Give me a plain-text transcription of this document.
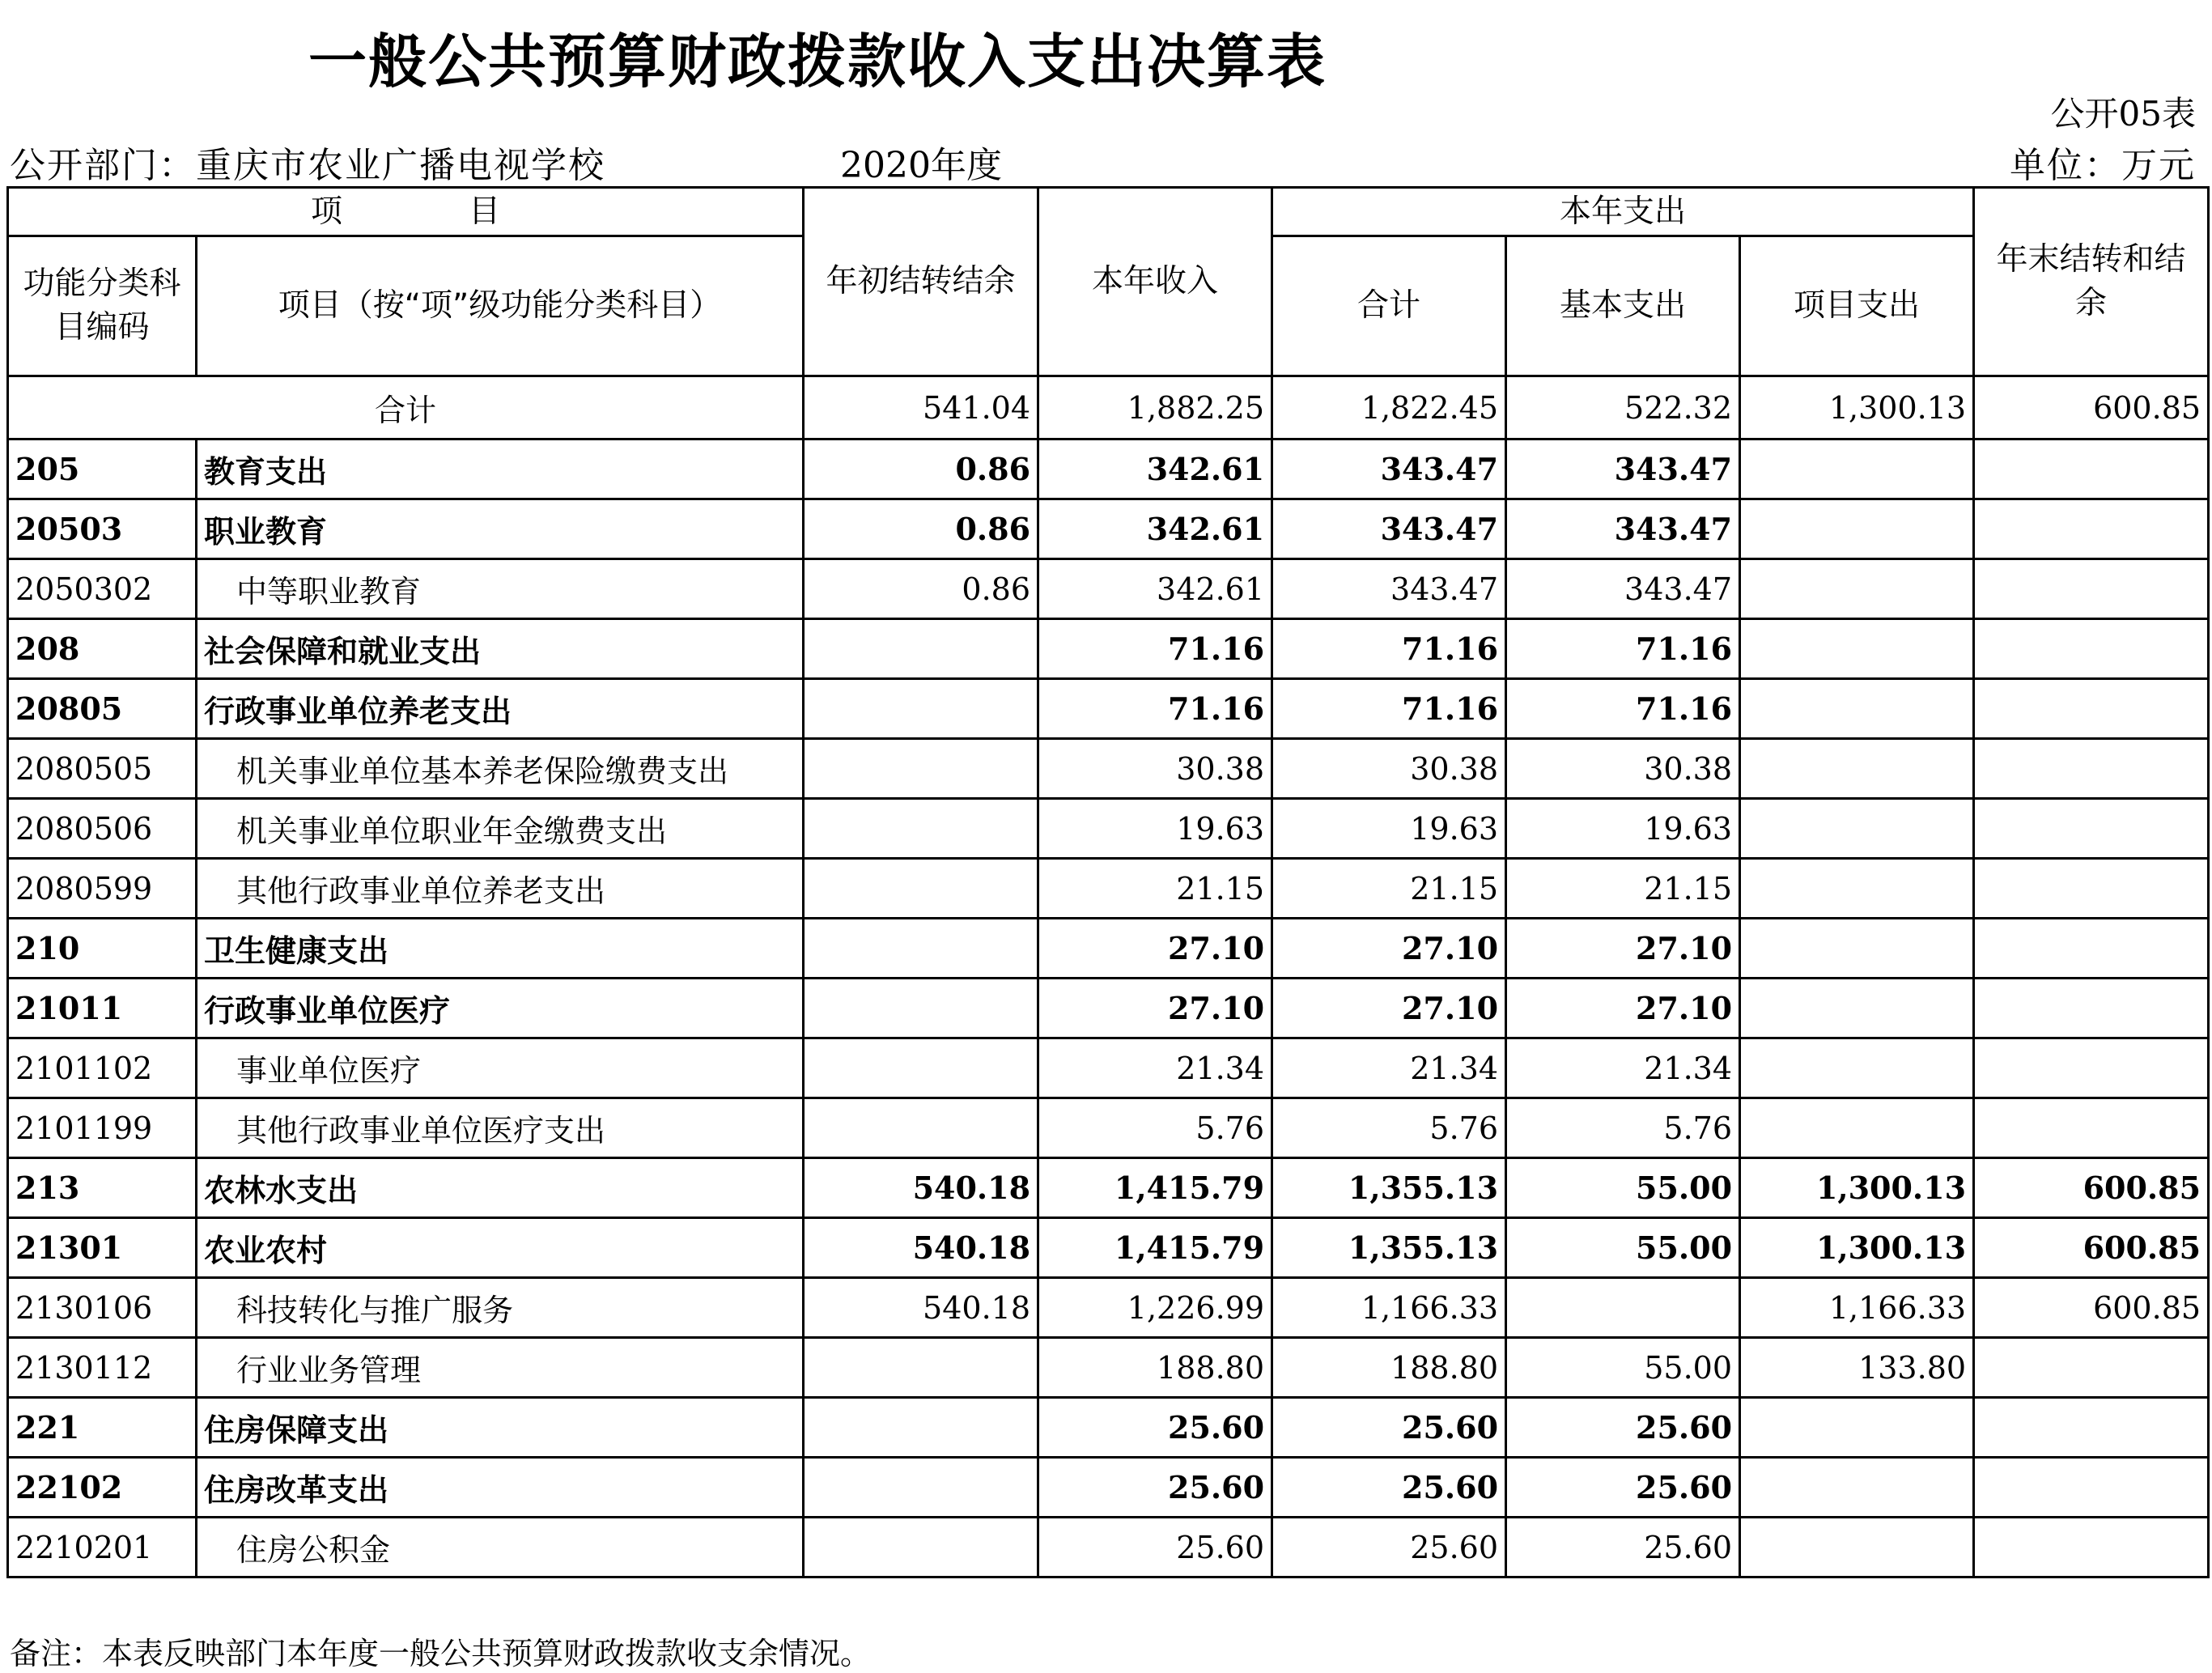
一般公共预算财政拨款收入支出决算表
公开05表
公开部门：重庆市农业广播电视学校	2020年度	单位：万元
项　　　　目		年初结转结余	本年收入	本年支出			年末结转和结余
功能分类科目编码	项目（按“项”级功能分类科目）			合计	基本支出	项目支出	
合计		541.04	1,882.25	1,822.45	522.32	1,300.13	600.85
205	教育支出	0.86	342.61	343.47	343.47		
20503	职业教育	0.86	342.61	343.47	343.47		
2050302	中等职业教育	0.86	342.61	343.47	343.47		
208	社会保障和就业支出		71.16	71.16	71.16		
20805	行政事业单位养老支出		71.16	71.16	71.16		
2080505	机关事业单位基本养老保险缴费支出		30.38	30.38	30.38		
2080506	机关事业单位职业年金缴费支出		19.63	19.63	19.63		
2080599	其他行政事业单位养老支出		21.15	21.15	21.15		
210	卫生健康支出		27.10	27.10	27.10		
21011	行政事业单位医疗		27.10	27.10	27.10		
2101102	事业单位医疗		21.34	21.34	21.34		
2101199	其他行政事业单位医疗支出		5.76	5.76	5.76		
213	农林水支出	540.18	1,415.79	1,355.13	55.00	1,300.13	600.85
21301	农业农村	540.18	1,415.79	1,355.13	55.00	1,300.13	600.85
2130106	科技转化与推广服务	540.18	1,226.99	1,166.33		1,166.33	600.85
2130112	行业业务管理		188.80	188.80	55.00	133.80	
221	住房保障支出		25.60	25.60	25.60		
22102	住房改革支出		25.60	25.60	25.60		
2210201	住房公积金		25.60	25.60	25.60		
备注：本表反映部门本年度一般公共预算财政拨款收支余情况。
